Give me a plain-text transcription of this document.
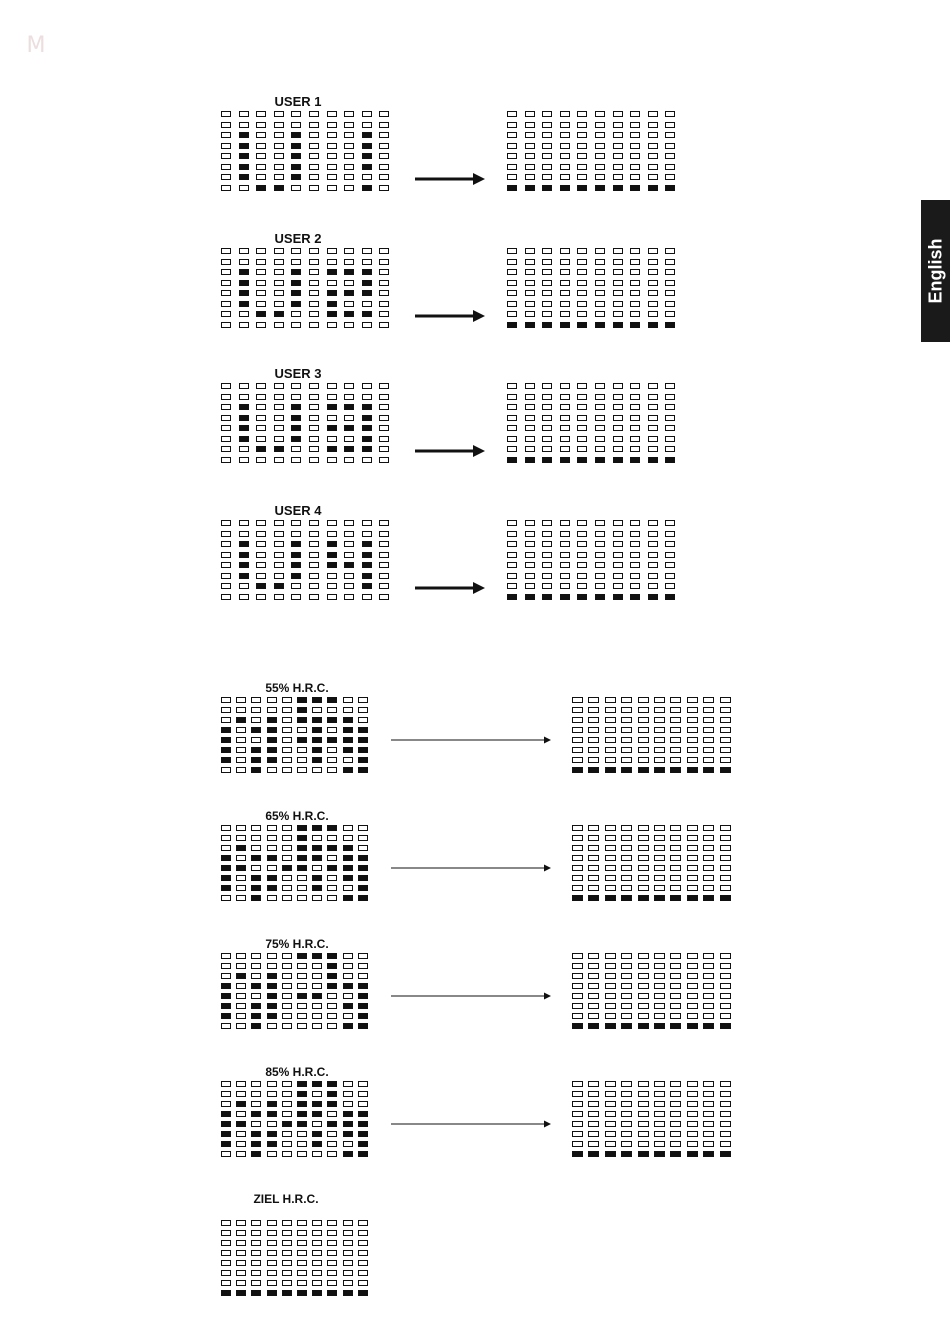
M
English
USER 1
USER 2
USER 3
USER 4
55% H.R.C.
65% H.R.C.
75% H.R.C.
85% H.R.C.
ZIEL H.R.C.
